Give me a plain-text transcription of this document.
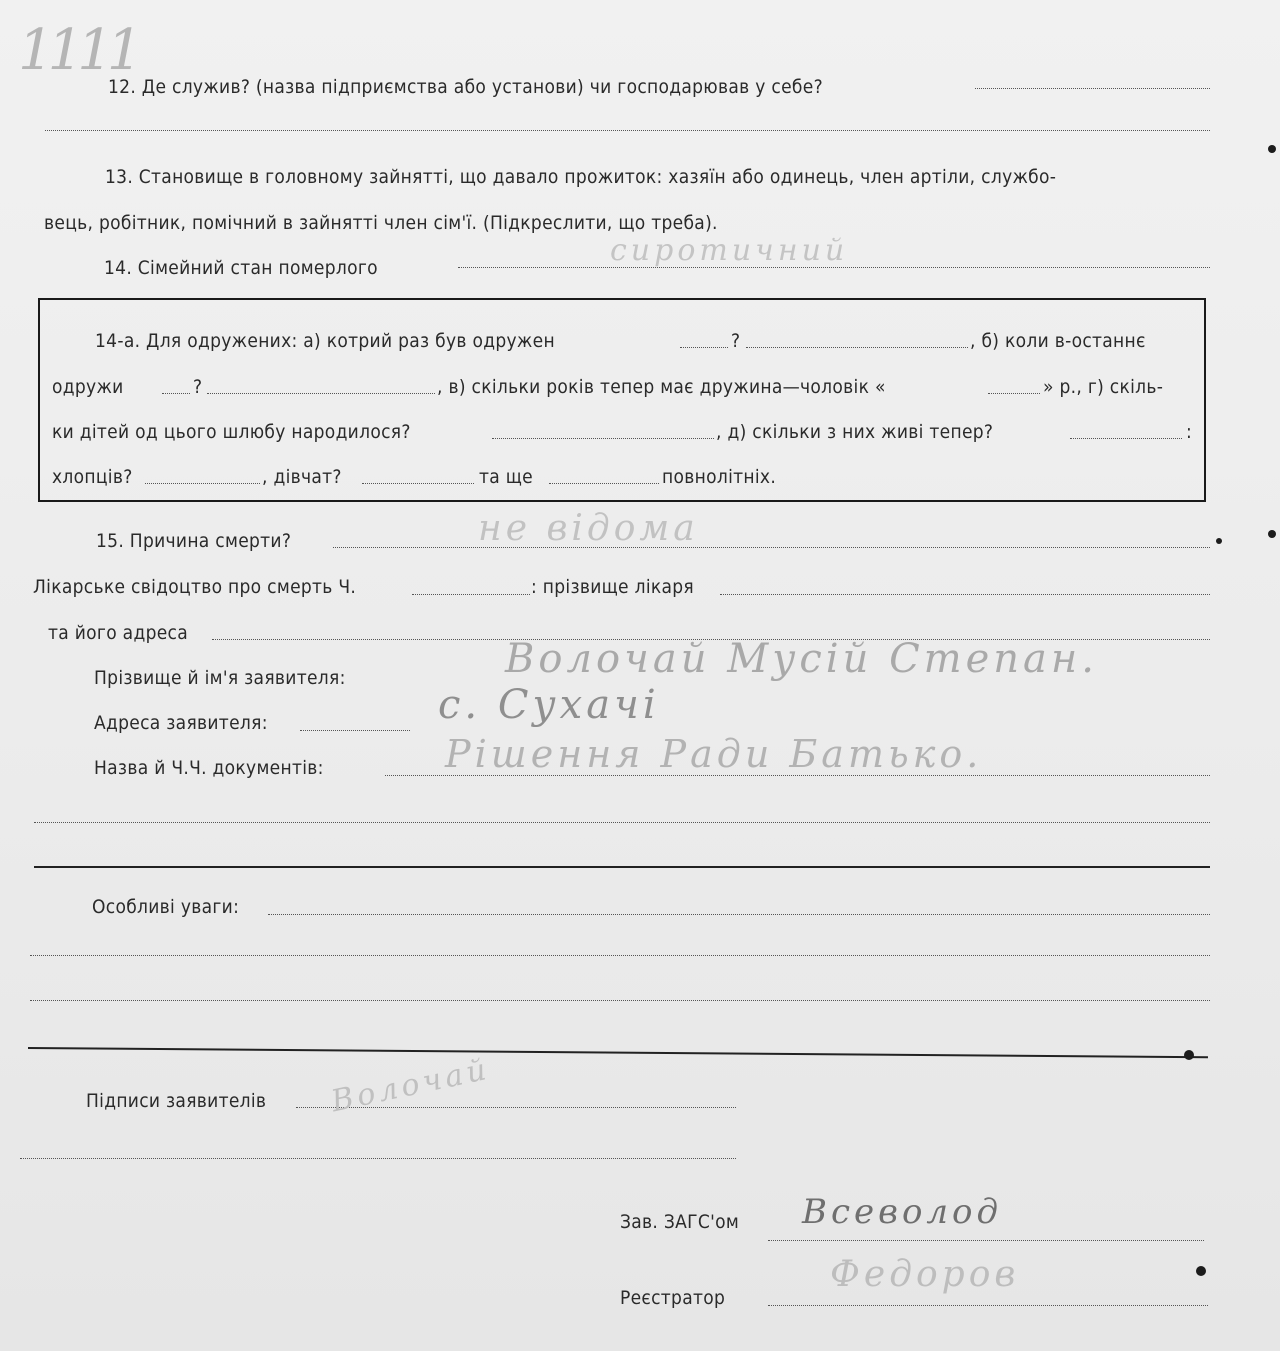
1111
12. Де служив? (назва підприємства або установи) чи господарював у себе?
13. Становище в головному зайнятті, що давало прожиток: хазяїн або одинець, член артіли, службо-
вець, робітник, помічний в зайнятті член сім'ї. (Підкреслити, що треба).
14. Сімейний стан померлого	сиротичний
14-а. Для одружених: а) котрий раз був одружен	?	, б) коли в-останнє
одружи	?	, в) скільки років тепер має дружина—чоловік «	» р., г) скіль-
ки дітей од цього шлюбу народилося?	, д) скільки з них живі тепер?	:
хлопців?	, дівчат?	та ще	повнолітніх.
15. Причина смерти?	не відома
Лікарське свідоцтво про смерть Ч.	: прізвище лікаря
та його адреса
Прізвище й ім'я заявителя:	Волочай Мусій Степан.
Адреса заявителя:	с. Сухачі
Назва й Ч.Ч. документів:	Рішення Ради Батько.
Особливі уваги:
Підписи заявителів Волочай
Зав. ЗАГС'ом Всеволод
Реєстратор
Федоров
